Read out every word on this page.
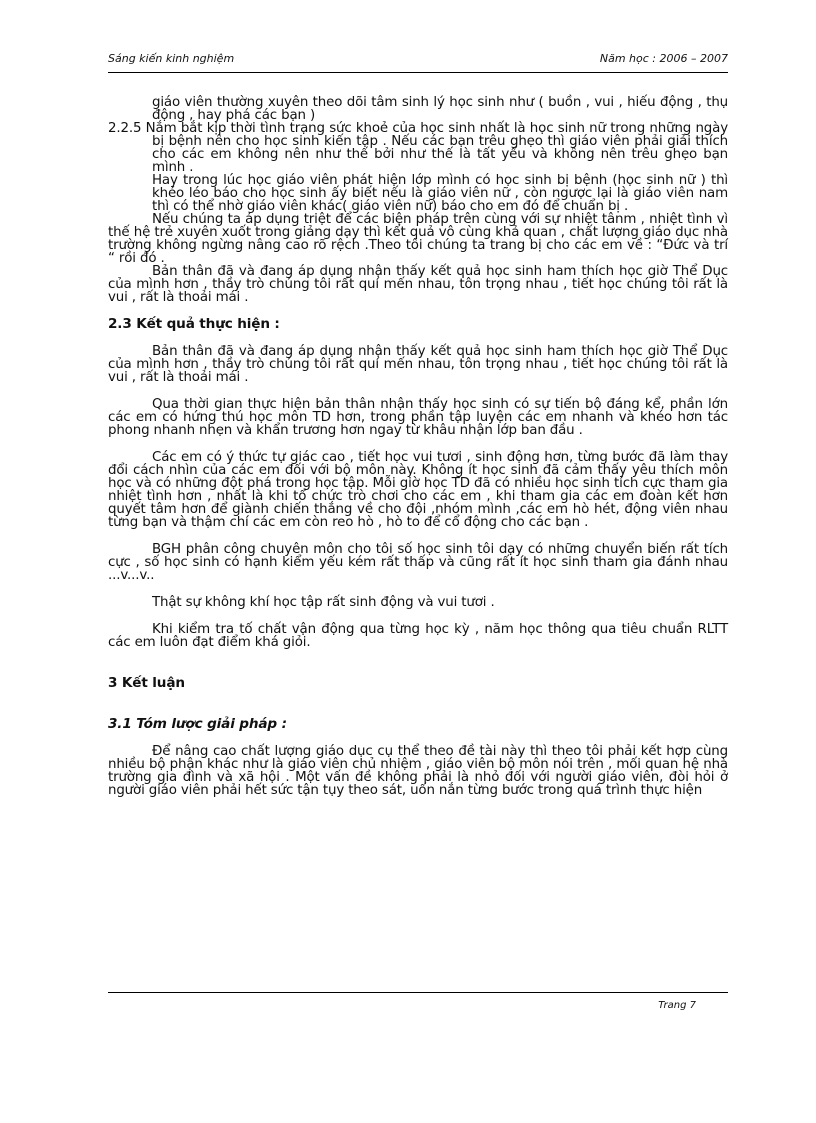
Sáng kiến kinh nghiệm	Năm học : 2006 – 2007

giáo viên thường xuyên theo dõi tâm sinh lý học sinh như ( buồn , vui , hiếu động , thụ động , hay phá các bạn )

2.2.5 Nắm bắt kịp thời tình trạng sức khoẻ của học sinh nhất là học sinh nữ trong những ngày bị bệnh nên cho học sinh kiến tập . Nếu các bạn trêu ghẹo thì giáo viên phải giải thích cho các em không nên như thế bởi như thế là tất yếu và không nên trêu ghẹo bạn mình .

Hay trong lúc học giáo viên phát hiện lớp mình có học sinh bị bệnh (học sinh nữ ) thì khéo léo báo cho học sinh ấy biết nếu là giáo viên nữ , còn ngược lại là giáo viên nam thì có thể nhờ giáo viên khác( giáo viên nữ) báo cho em đó để chuẩn bị .

Nếu chúng ta áp dụng triệt để các biện pháp trên cùng với sự nhiệt tânm , nhiệt tình vì thế hệ trẻ xuyên xuốt trong giảng dạy thì kết quả vô cùng khả quan , chất lượng giáo dục nhà trường không ngừng nâng cao rõ rệch .Theo tôi chúng ta trang bị cho các em về : “Đức và trí “ rồi đó .

Bản thân đã và đang áp dụng nhận thấy kết quả học sinh ham thích học giờ Thể Dục của mình hơn , thầy trò chúng tôi rất quí mến nhau, tôn trọng nhau , tiết học chúng tôi rất là vui , rất là thoải mái .

2.3 Kết quả thực hiện :

Bản thân đã và đang áp dụng nhận thấy kết quả học sinh ham thích học giờ Thể Dục của mình hơn , thầy trò chúng tôi rất quí mến nhau, tôn trọng nhau , tiết học chúng tôi rất là vui , rất là thoải mái .

Qua thời gian thực hiện bản thân nhận thấy học sinh có sự tiến bộ đáng kể, phần lớn các em có hứng thú học môn TD hơn, trong phần tập luyện các em nhanh và khéo hơn tác phong nhanh nhẹn và khẩn trương hơn ngay từ khâu nhận lớp ban đầu .

Các em có ý thức tự giác cao , tiết học vui tươi , sinh động hơn, từng bước đã làm thay đổi cách nhìn của các em đối với bộ môn này. Không ít học sinh đã cảm thấy yêu thích môn học và có những đột phá trong học tập. Mỗi giờ học TD đã có nhiều học sinh tích cực tham gia nhiệt tình hơn , nhất là khi tổ chức trò chơi cho các em , khi tham gia các em đoàn kết hơn quyết tâm hơn để giành chiến thắng về cho đội ,nhóm mình ,các em hò hét, động viên nhau từng bạn và thậm chí các em còn reo hò , hò to để cổ động cho các bạn .

BGH phân công chuyên môn cho tôi số học sinh tôi dạy có những chuyển biến rất tích cực , số học sinh có hạnh kiểm yếu kém rất thấp và cũng rất ít học sinh tham gia đánh nhau ...v...v..

Thật sự không khí học tập rất sinh động và vui tươi .

Khi kiểm tra tố chất vận động qua từng học kỳ , năm học thông qua tiêu chuẩn RLTT các em luôn đạt điểm khá giỏi.

3 Kết luận

3.1 Tóm lược giải pháp :

Để nâng cao chất lượng giáo dục cụ thể theo đề tài này thì theo tôi phải kết hợp cùng nhiều bộ phận khác như là giáo viên chủ nhiệm , giáo viên bộ môn nói trên , mối quan hệ nhà trường gia đình và xã hội . Một vấn đề không phải là nhỏ đối với người giáo viên, đòi hỏi ở người giáo viên phải hết sức tận tụy theo sát, uốn nắn từng bước trong quá trình thực hiện

Trang 7
